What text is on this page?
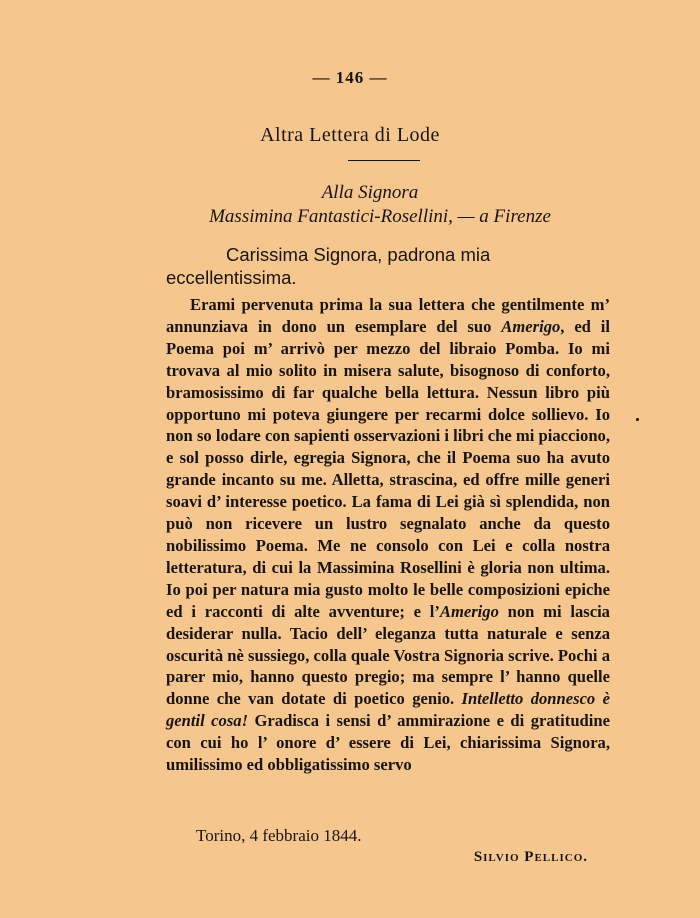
— 146 —
Altra Lettera di Lode
Alla Signora
Massimina Fantastici-Rosellini, — a Firenze
Carissima Signora, padrona mia eccellentissima.
Erami pervenuta prima la sua lettera che gentilmente m’ annunziava in dono un esemplare del suo Amerigo, ed il Poema poi m’ arrivò per mezzo del libraio Pomba. Io mi trovava al mio solito in misera salute, bisognoso di conforto, bramosissimo di far qualche bella lettura. Nessun libro più opportuno mi poteva giungere per recarmi dolce sollievo. Io non so lodare con sapienti osservazioni i libri che mi piacciono, e sol posso dirle, egregia Signora, che il Poema suo ha avuto grande incanto su me. Alletta, strascina, ed offre mille generi soavi d’ interesse poetico. La fama di Lei già sì splendida, non può non ricevere un lustro segnalato anche da questo nobilissimo Poema. Me ne consolo con Lei e colla nostra letteratura, di cui la Massimina Rosellini è gloria non ultima. Io poi per natura mia gusto molto le belle composizioni epiche ed i racconti di alte avventure; e l’Amerigo non mi lascia desiderar nulla. Tacio dell’ eleganza tutta naturale e senza oscurità nè sussiego, colla quale Vostra Signoria scrive. Pochi a parer mio, hanno questo pregio; ma sempre l’ hanno quelle donne che van dotate di poetico genio. Intelletto donnesco è gentil cosa! Gradisca i sensi d’ ammirazione e di gratitudine con cui ho l’ onore d’ essere di Lei, chiarissima Signora, umilissimo ed obbligatissimo servo
Torino, 4 febbraio 1844.
Silvio Pellico.
